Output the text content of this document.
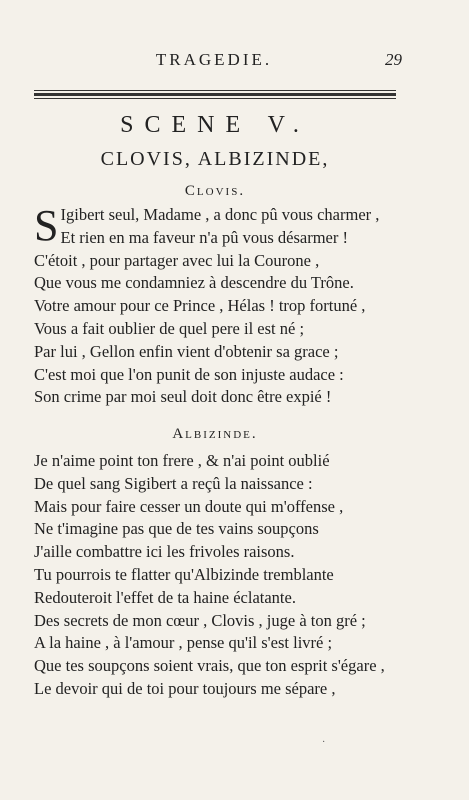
TRAGEDIE.	29
SCENE V.
CLOVIS, ALBIZINDE,
Clovis.
S Igibert seul, Madame , a donc pû vous charmer ,
Et rien en ma faveur n'a pû vous désarmer !
C'étoit , pour partager avec lui la Courone ,
Que vous me condamniez à descendre du Trône.
Votre amour pour ce Prince , Hélas ! trop fortuné ,
Vous a fait oublier de quel pere il est né ;
Par lui , Gellon enfin vient d'obtenir sa grace ;
C'est moi que l'on punit de son injuste audace :
Son crime par moi seul doit donc être expié !
Albizinde.
Je n'aime point ton frere , & n'ai point oublié
De quel sang Sigibert a reçû la naissance :
Mais pour faire cesser un doute qui m'offense ,
Ne t'imagine pas que de tes vains soupçons
J'aille combattre ici les frivoles raisons.
Tu pourrois te flatter qu'Albizinde tremblante
Redouteroit l'effet de ta haine éclatante.
Des secrets de mon cœur , Clovis , juge à ton gré ;
A la haine , à l'amour , pense qu'il s'est livré ;
Que tes soupçons soient vrais, que ton esprit s'égare ,
Le devoir qui de toi pour toujours me sépare ,
·
